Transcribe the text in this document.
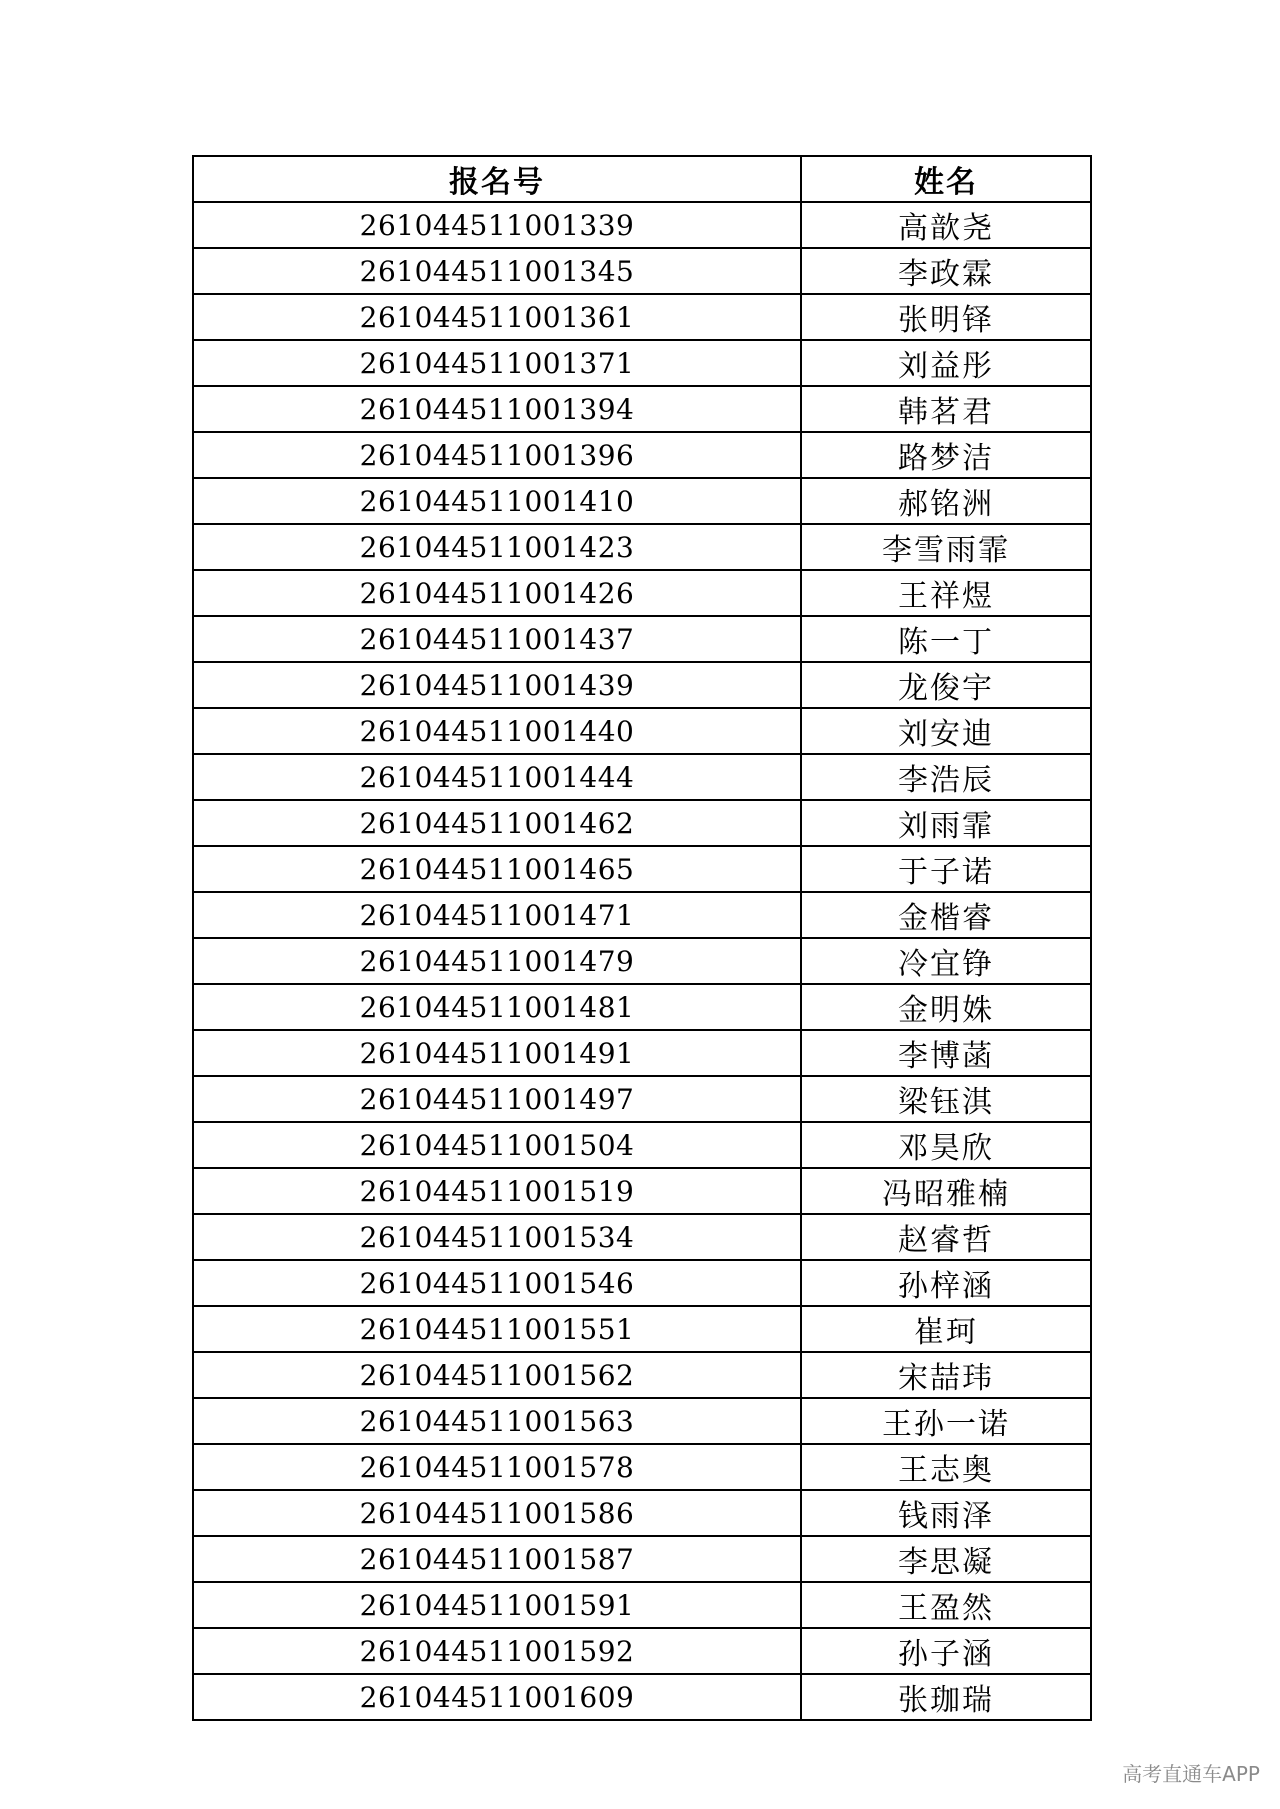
报名号	姓名
261044511001339	高歆尧
261044511001345	李政霖
261044511001361	张明铎
261044511001371	刘益彤
261044511001394	韩茗君
261044511001396	路梦洁
261044511001410	郝铭洲
261044511001423	李雪雨霏
261044511001426	王祥煜
261044511001437	陈一丁
261044511001439	龙俊宇
261044511001440	刘安迪
261044511001444	李浩辰
261044511001462	刘雨霏
261044511001465	于子诺
261044511001471	金楷睿
261044511001479	冷宜铮
261044511001481	金明姝
261044511001491	李博菡
261044511001497	梁钰淇
261044511001504	邓昊欣
261044511001519	冯昭雅楠
261044511001534	赵睿哲
261044511001546	孙梓涵
261044511001551	崔珂
261044511001562	宋喆玮
261044511001563	王孙一诺
261044511001578	王志奥
261044511001586	钱雨泽
261044511001587	李思凝
261044511001591	王盈然
261044511001592	孙子涵
261044511001609	张珈瑞
高考直通车APP
